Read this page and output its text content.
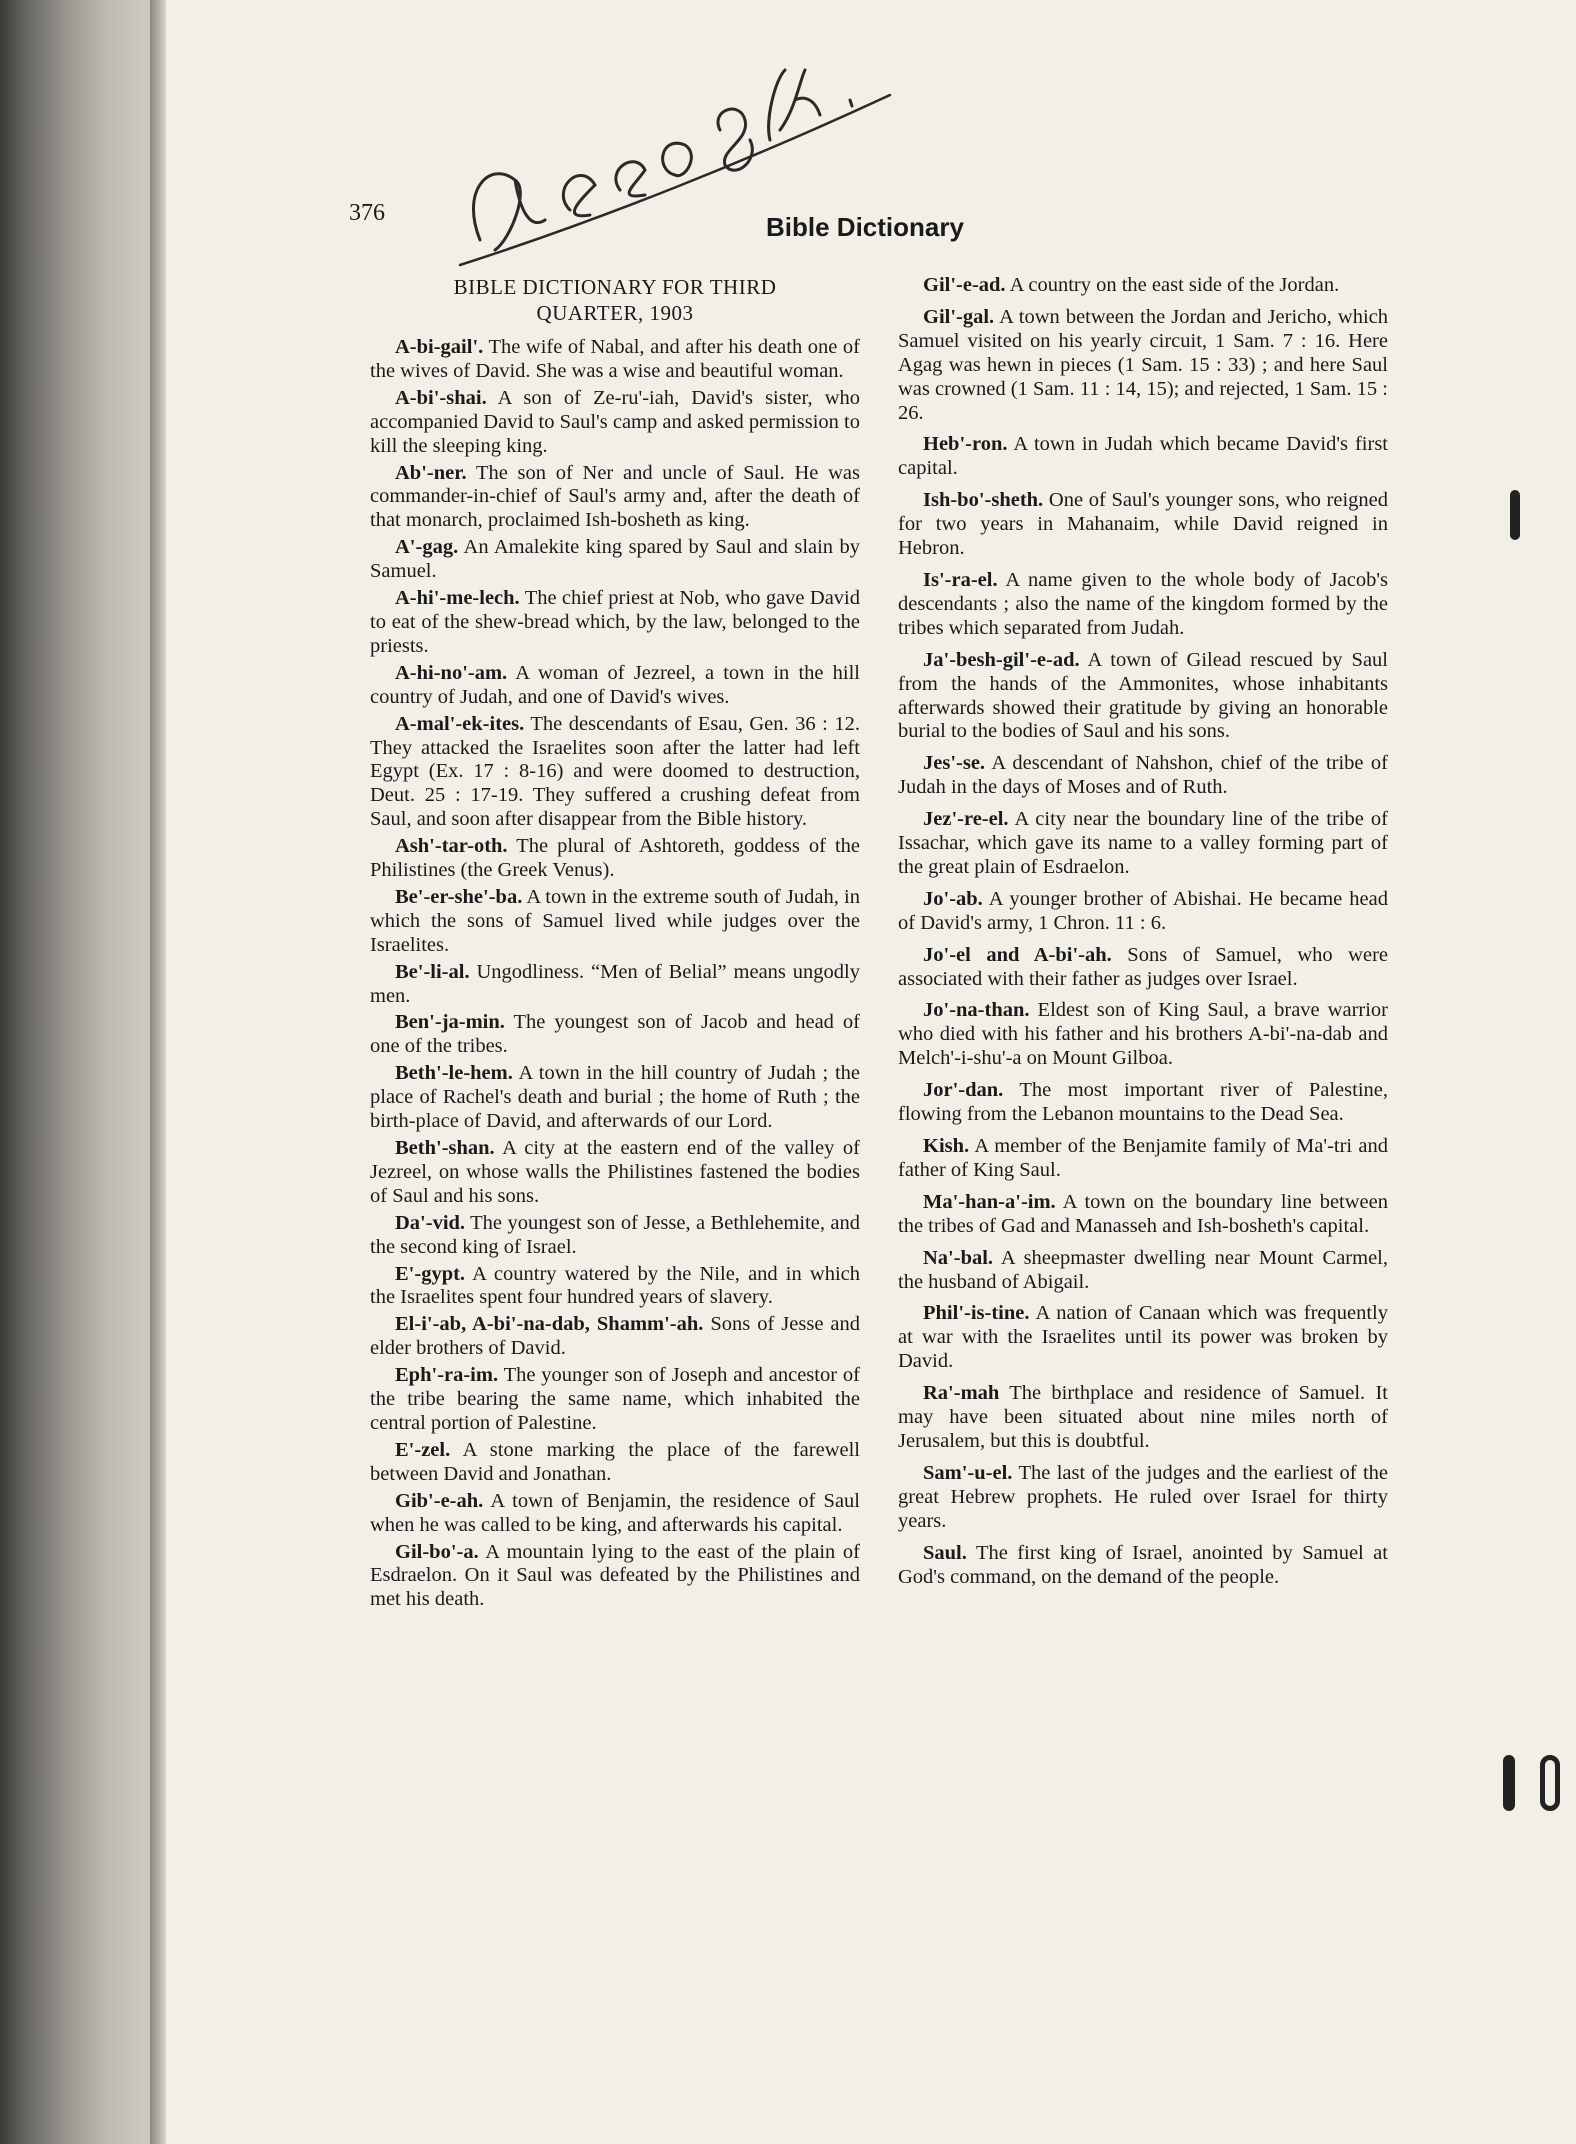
376	Bible Dictionary
BIBLE DICTIONARY FOR THIRD
QUARTER, 1903

A-bi-gail'. The wife of Nabal, and after his death one of the wives of David. She was a wise and beautiful woman.

A-bi'-shai. A son of Ze-ru'-iah, David's sister, who accompanied David to Saul's camp and asked permission to kill the sleeping king.

Ab'-ner. The son of Ner and uncle of Saul. He was commander-in-chief of Saul's army and, after the death of that monarch, proclaimed Ish-bosheth as king.

A'-gag. An Amalekite king spared by Saul and slain by Samuel.

A-hi'-me-lech. The chief priest at Nob, who gave David to eat of the shew-bread which, by the law, belonged to the priests.

A-hi-no'-am. A woman of Jezreel, a town in the hill country of Judah, and one of David's wives.

A-mal'-ek-ites. The descendants of Esau, Gen. 36 : 12. They attacked the Israelites soon after the latter had left Egypt (Ex. 17 : 8-16) and were doomed to destruction, Deut. 25 : 17-19. They suffered a crushing defeat from Saul, and soon after disappear from the Bible history.

Ash'-tar-oth. The plural of Ashtoreth, goddess of the Philistines (the Greek Venus).

Be'-er-she'-ba. A town in the extreme south of Judah, in which the sons of Samuel lived while judges over the Israelites.

Be'-li-al. Ungodliness. “Men of Belial” means ungodly men.

Ben'-ja-min. The youngest son of Jacob and head of one of the tribes.

Beth'-le-hem. A town in the hill country of Judah ; the place of Rachel's death and burial ; the home of Ruth ; the birth-place of David, and afterwards of our Lord.

Beth'-shan. A city at the eastern end of the valley of Jezreel, on whose walls the Philistines fastened the bodies of Saul and his sons.

Da'-vid. The youngest son of Jesse, a Bethlehemite, and the second king of Israel.

E'-gypt. A country watered by the Nile, and in which the Israelites spent four hundred years of slavery.

El-i'-ab, A-bi'-na-dab, Shamm'-ah. Sons of Jesse and elder brothers of David.

Eph'-ra-im. The younger son of Joseph and ancestor of the tribe bearing the same name, which inhabited the central portion of Palestine.

E'-zel. A stone marking the place of the farewell between David and Jonathan.

Gib'-e-ah. A town of Benjamin, the residence of Saul when he was called to be king, and afterwards his capital.

Gil-bo'-a. A mountain lying to the east of the plain of Esdraelon. On it Saul was defeated by the Philistines and met his death.

Gil'-e-ad. A country on the east side of the Jordan.

Gil'-gal. A town between the Jordan and Jericho, which Samuel visited on his yearly circuit, 1 Sam. 7 : 16. Here Agag was hewn in pieces (1 Sam. 15 : 33) ; and here Saul was crowned (1 Sam. 11 : 14, 15); and rejected, 1 Sam. 15 : 26.

Heb'-ron. A town in Judah which became David's first capital.

Ish-bo'-sheth. One of Saul's younger sons, who reigned for two years in Mahanaim, while David reigned in Hebron.

Is'-ra-el. A name given to the whole body of Jacob's descendants ; also the name of the kingdom formed by the tribes which separated from Judah.

Ja'-besh-gil'-e-ad. A town of Gilead rescued by Saul from the hands of the Ammonites, whose inhabitants afterwards showed their gratitude by giving an honorable burial to the bodies of Saul and his sons.

Jes'-se. A descendant of Nahshon, chief of the tribe of Judah in the days of Moses and of Ruth.

Jez'-re-el. A city near the boundary line of the tribe of Issachar, which gave its name to a valley forming part of the great plain of Esdraelon.

Jo'-ab. A younger brother of Abishai. He became head of David's army, 1 Chron. 11 : 6.

Jo'-el and A-bi'-ah. Sons of Samuel, who were associated with their father as judges over Israel.

Jo'-na-than. Eldest son of King Saul, a brave warrior who died with his father and his brothers A-bi'-na-dab and Melch'-i-shu'-a on Mount Gilboa.

Jor'-dan. The most important river of Palestine, flowing from the Lebanon mountains to the Dead Sea.

Kish. A member of the Benjamite family of Ma'-tri and father of King Saul.

Ma'-han-a'-im. A town on the boundary line between the tribes of Gad and Manasseh and Ish-bosheth's capital.

Na'-bal. A sheepmaster dwelling near Mount Carmel, the husband of Abigail.

Phil'-is-tine. A nation of Canaan which was frequently at war with the Israelites until its power was broken by David.

Ra'-mah The birthplace and residence of Samuel. It may have been situated about nine miles north of Jerusalem, but this is doubtful.

Sam'-u-el. The last of the judges and the earliest of the great Hebrew prophets. He ruled over Israel for thirty years.

Saul. The first king of Israel, anointed by Samuel at God's command, on the demand of the people.
